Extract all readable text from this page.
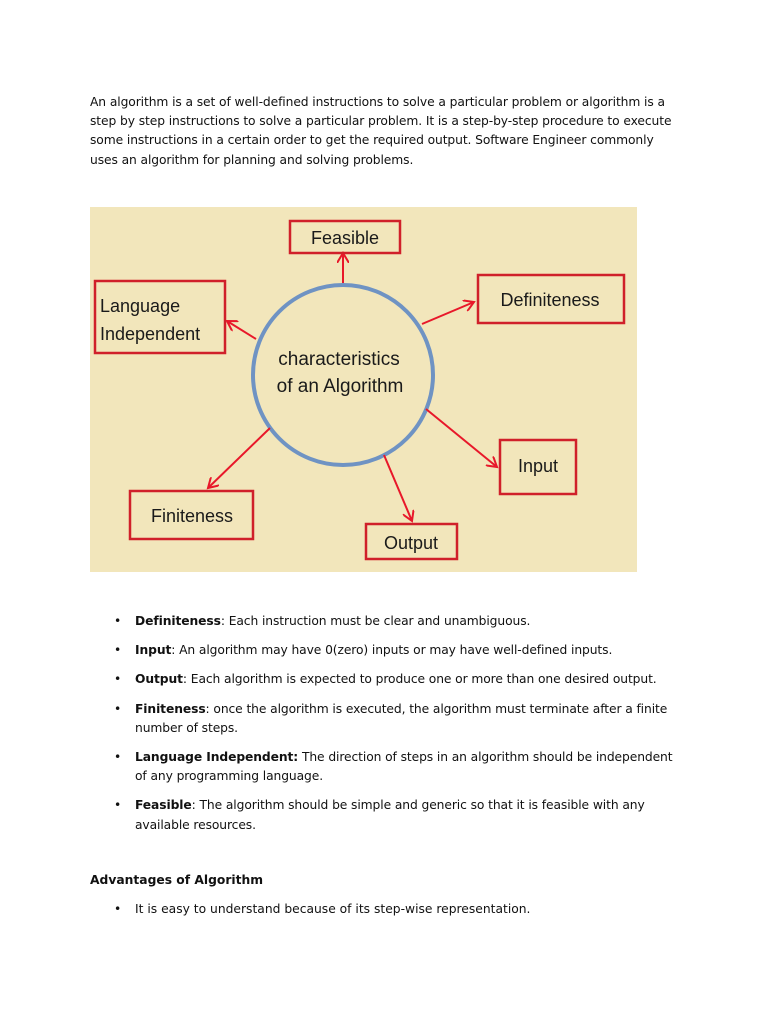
An algorithm is a set of well-defined instructions to solve a particular problem or algorithm is a step by step instructions to solve a particular problem. It is a step-by-step procedure to execute some instructions in a certain order to get the required output. Software Engineer commonly uses an algorithm for planning and solving problems.

characteristics
of an Algorithm
Feasible
Definiteness
Language
Independent
Input
Output
Finiteness
• Definiteness: Each instruction must be clear and unambiguous.
• Input: An algorithm may have 0(zero) inputs or may have well-defined inputs.
• Output: Each algorithm is expected to produce one or more than one desired output.
• Finiteness: once the algorithm is executed, the algorithm must terminate after a finite number of steps.
• Language Independent: The direction of steps in an algorithm should be independent of any programming language.
• Feasible: The algorithm should be simple and generic so that it is feasible with any available resources.

Advantages of Algorithm

• It is easy to understand because of its step-wise representation.
